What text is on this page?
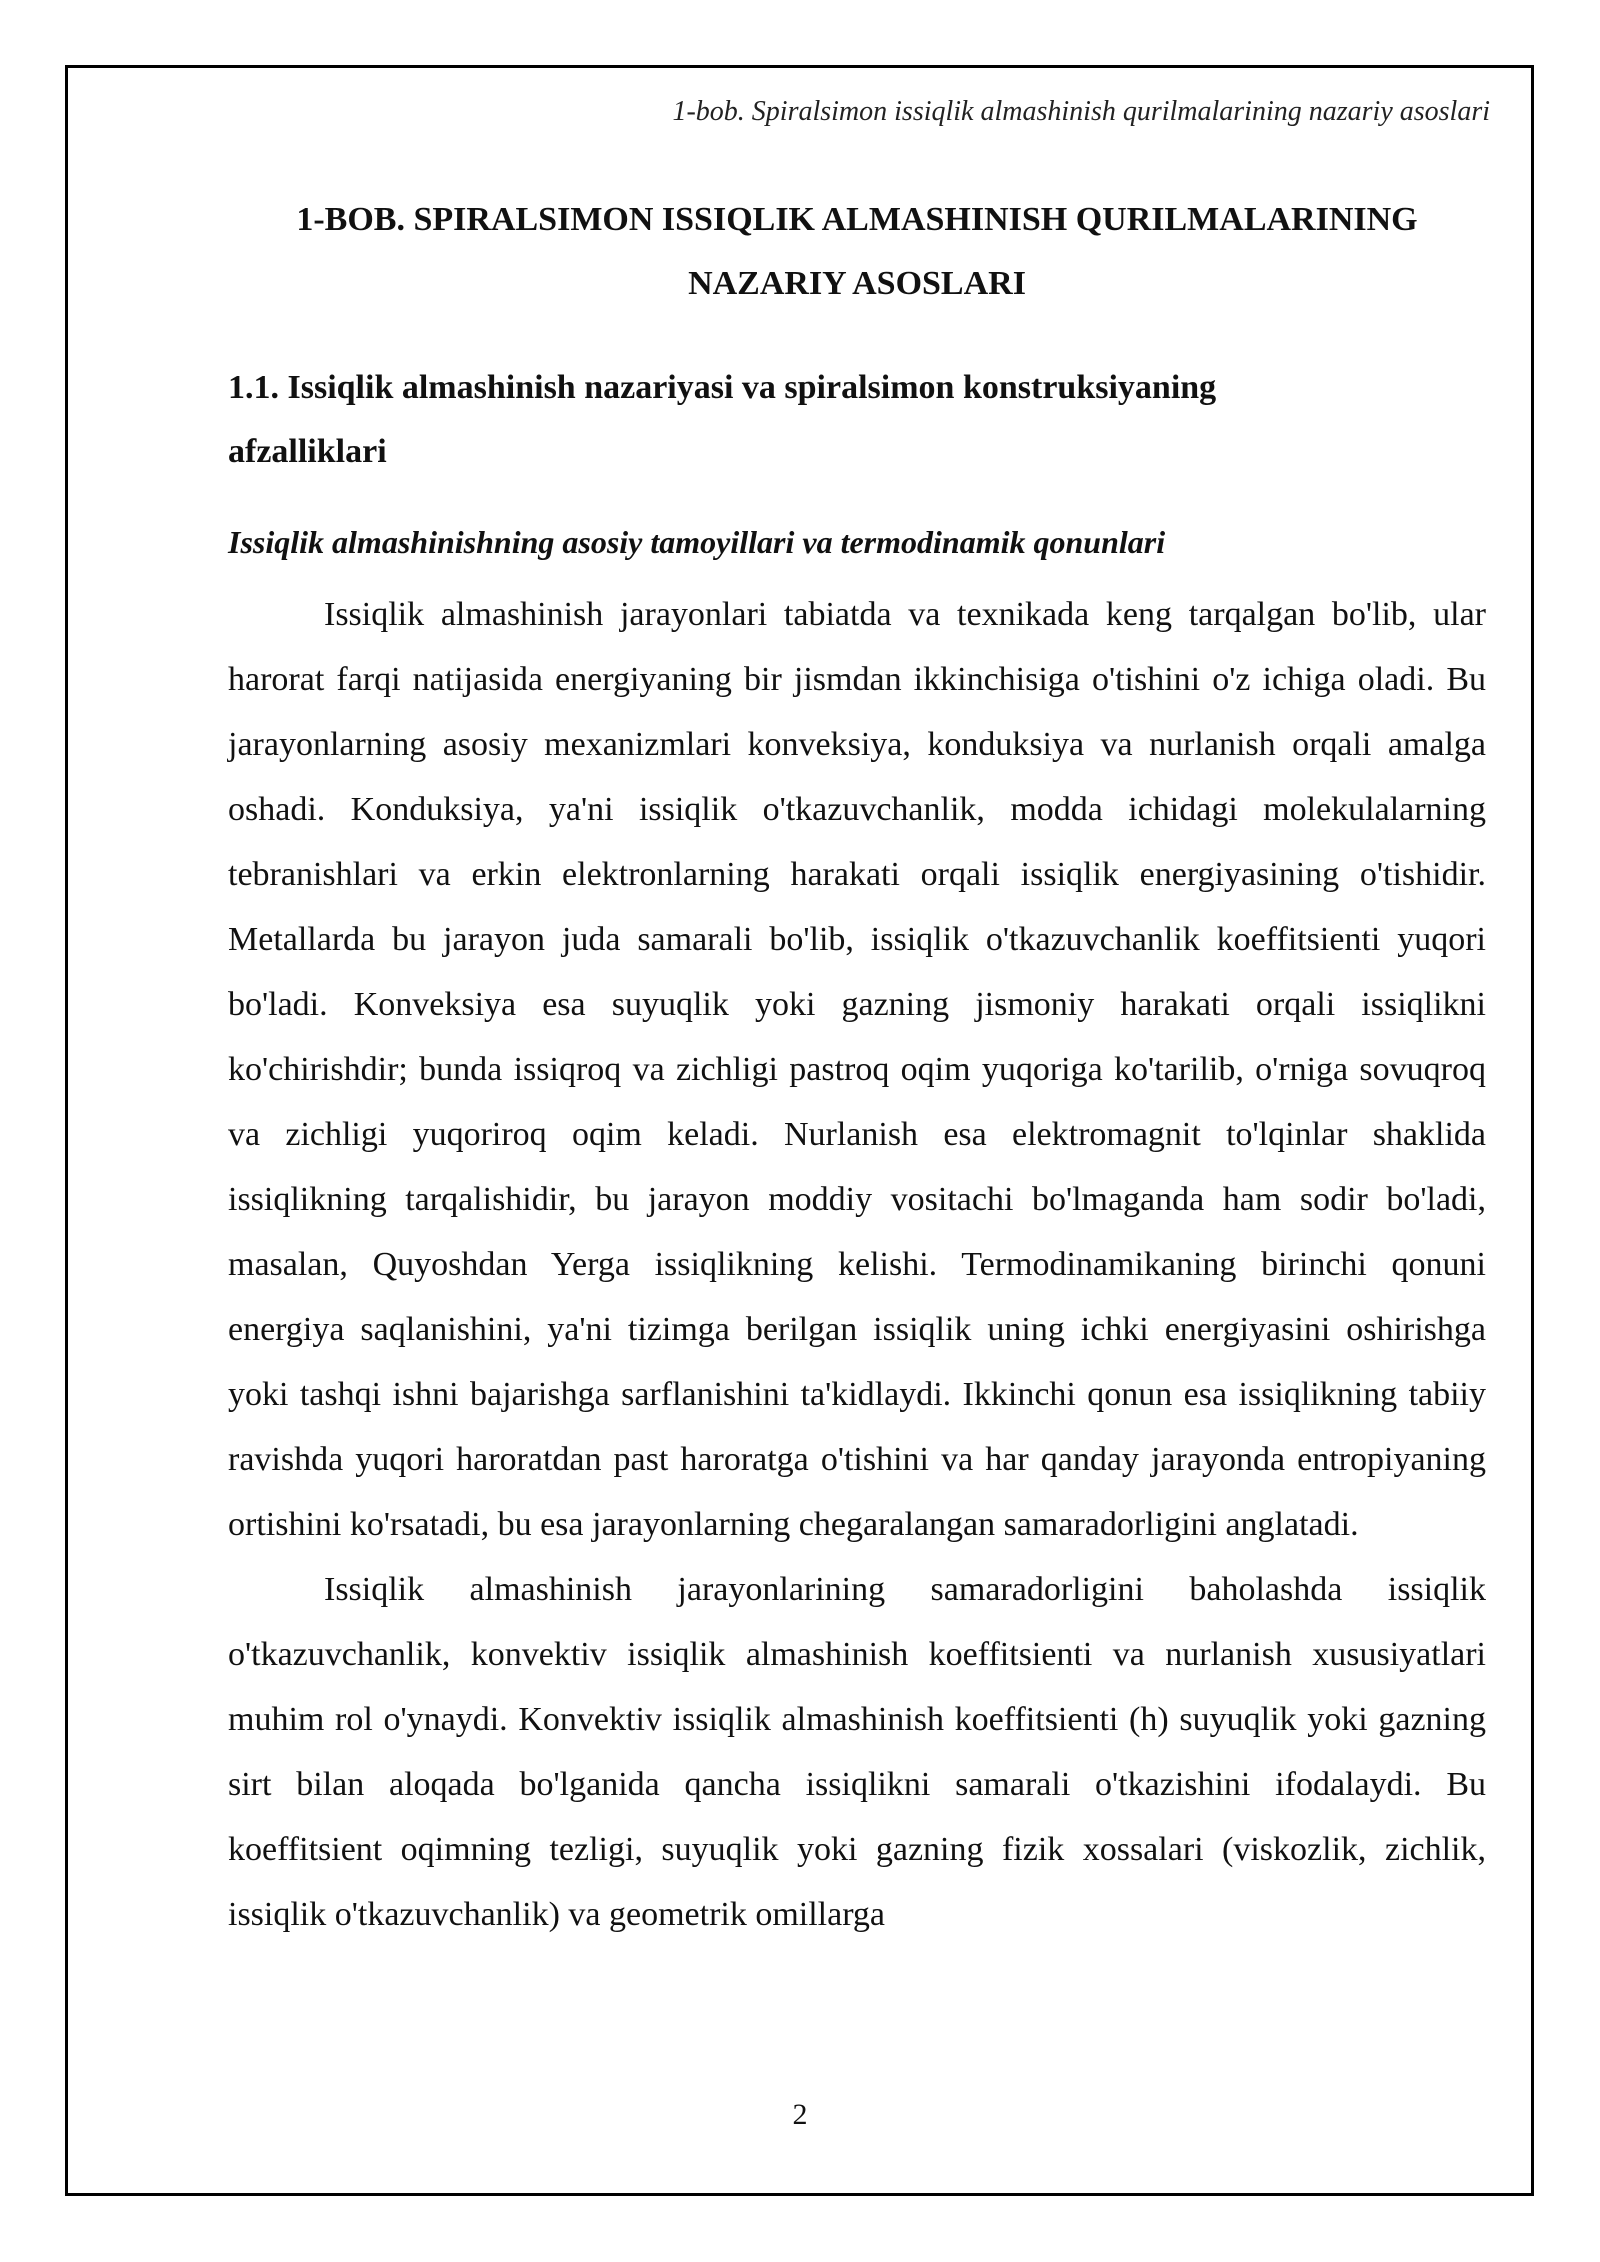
1-bob. Spiralsimon issiqlik almashinish qurilmalarining nazariy asoslari
1-BOB. SPIRALSIMON ISSIQLIK ALMASHINISH QURILMALARINING
NAZARIY ASOSLARI
1.1. Issiqlik almashinish nazariyasi va spiralsimon konstruksiyaning
afzalliklari
Issiqlik almashinishning asosiy tamoyillari va termodinamik qonunlari

Issiqlik almashinish jarayonlari tabiatda va texnikada keng tarqalgan bo'lib, ular harorat farqi natijasida energiyaning bir jismdan ikkinchisiga o'tishini o'z ichiga oladi. Bu jarayonlarning asosiy mexanizmlari konveksiya, konduksiya va nurlanish orqali amalga oshadi. Konduksiya, ya'ni issiqlik o'tkazuvchanlik, modda ichidagi molekulalarning tebranishlari va erkin elektronlarning harakati orqali issiqlik energiyasining o'tishidir. Metallarda bu jarayon juda samarali bo'lib, issiqlik o'tkazuvchanlik koeffitsienti yuqori bo'ladi. Konveksiya esa suyuqlik yoki gazning jismoniy harakati orqali issiqlikni ko'chirishdir; bunda issiqroq va zichligi pastroq oqim yuqoriga ko'tarilib, o'rniga sovuqroq va zichligi yuqoriroq oqim keladi. Nurlanish esa elektromagnit to'lqinlar shaklida issiqlikning tarqalishidir, bu jarayon moddiy vositachi bo'lmaganda ham sodir bo'ladi, masalan, Quyoshdan Yerga issiqlikning kelishi. Termodinamikaning birinchi qonuni energiya saqlanishini, ya'ni tizimga berilgan issiqlik uning ichki energiyasini oshirishga yoki tashqi ishni bajarishga sarflanishini ta'kidlaydi. Ikkinchi qonun esa issiqlikning tabiiy ravishda yuqori haroratdan past haroratga o'tishini va har qanday jarayonda entropiyaning ortishini ko'rsatadi, bu esa jarayonlarning chegaralangan samaradorligini anglatadi.

Issiqlik almashinish jarayonlarining samaradorligini baholashda issiqlik o'tkazuvchanlik, konvektiv issiqlik almashinish koeffitsienti va nurlanish xususiyatlari muhim rol o'ynaydi. Konvektiv issiqlik almashinish koeffitsienti (h) suyuqlik yoki gazning sirt bilan aloqada bo'lganida qancha issiqlikni samarali o'tkazishini ifodalaydi. Bu koeffitsient oqimning tezligi, suyuqlik yoki gazning fizik xossalari (viskozlik, zichlik, issiqlik o'tkazuvchanlik) va geometrik omillarga

2
